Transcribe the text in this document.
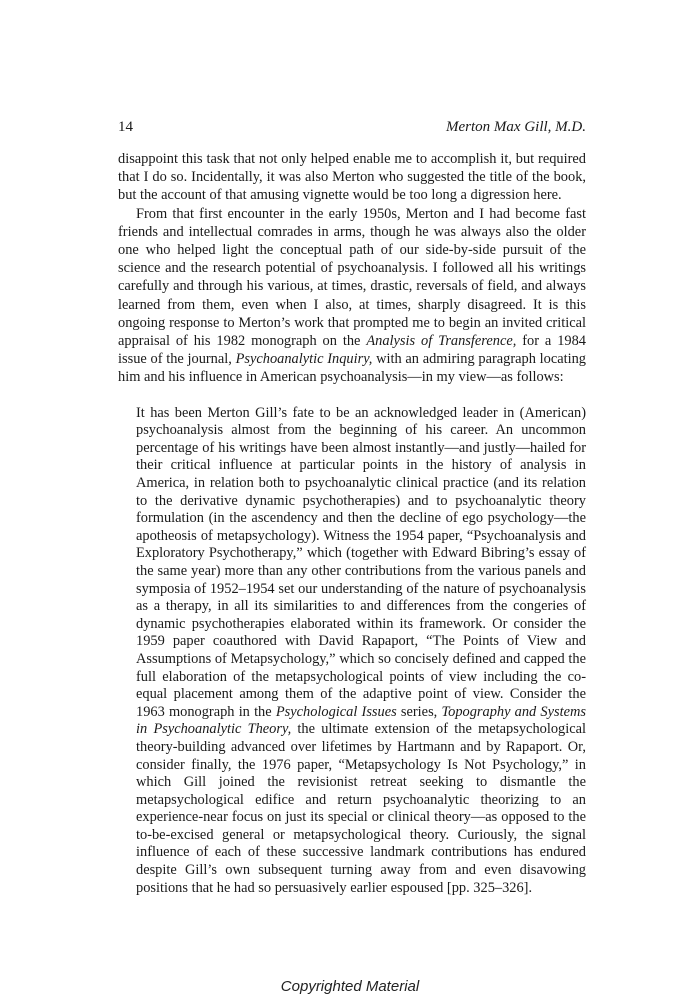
14	Merton Max Gill, M.D.

disappoint this task that not only helped enable me to accomplish it, but required that I do so. Incidentally, it was also Merton who suggested the title of the book, but the account of that amusing vignette would be too long a digression here.

From that first encounter in the early 1950s, Merton and I had become fast friends and intellectual comrades in arms, though he was always also the older one who helped light the conceptual path of our side-by-side pursuit of the science and the research potential of psychoanalysis. I followed all his writings carefully and through his various, at times, drastic, reversals of field, and always learned from them, even when I also, at times, sharply disagreed. It is this ongoing response to Merton’s work that prompted me to begin an invited critical appraisal of his 1982 monograph on the Analysis of Transference, for a 1984 issue of the journal, Psychoanalytic Inquiry, with an admiring paragraph locating him and his influence in American psychoanalysis—in my view—as follows:

It has been Merton Gill’s fate to be an acknowledged leader in (American) psychoanalysis almost from the beginning of his career. An uncommon percentage of his writings have been almost instantly—and justly—hailed for their critical influence at particular points in the history of analysis in America, in relation both to psychoanalytic clinical practice (and its relation to the derivative dynamic psychotherapies) and to psychoanalytic theory formulation (in the ascendency and then the decline of ego psychology—the apotheosis of metapsychology). Witness the 1954 paper, “Psychoanalysis and Exploratory Psychotherapy,” which (together with Edward Bibring’s essay of the same year) more than any other contributions from the various panels and symposia of 1952–1954 set our understanding of the nature of psychoanalysis as a therapy, in all its similarities to and differences from the congeries of dynamic psychotherapies elaborated within its framework. Or consider the 1959 paper coauthored with David Rapaport, “The Points of View and Assumptions of Metapsychology,” which so concisely defined and capped the full elaboration of the metapsychological points of view including the co-equal placement among them of the adaptive point of view. Consider the 1963 monograph in the Psychological Issues series, Topography and Systems in Psychoanalytic Theory, the ultimate extension of the metapsychological theory-building advanced over lifetimes by Hartmann and by Rapaport. Or, consider finally, the 1976 paper, “Metapsychology Is Not Psychology,” in which Gill joined the revisionist retreat seeking to dismantle the metapsychological edifice and return psychoanalytic theorizing to an experience-near focus on just its special or clinical theory—as opposed to the to-be-excised general or metapsychological theory. Curiously, the signal influence of each of these successive landmark contributions has endured despite Gill’s own subsequent turning away from and even disavowing positions that he had so persuasively earlier espoused [pp. 325–326].

Copyrighted Material
